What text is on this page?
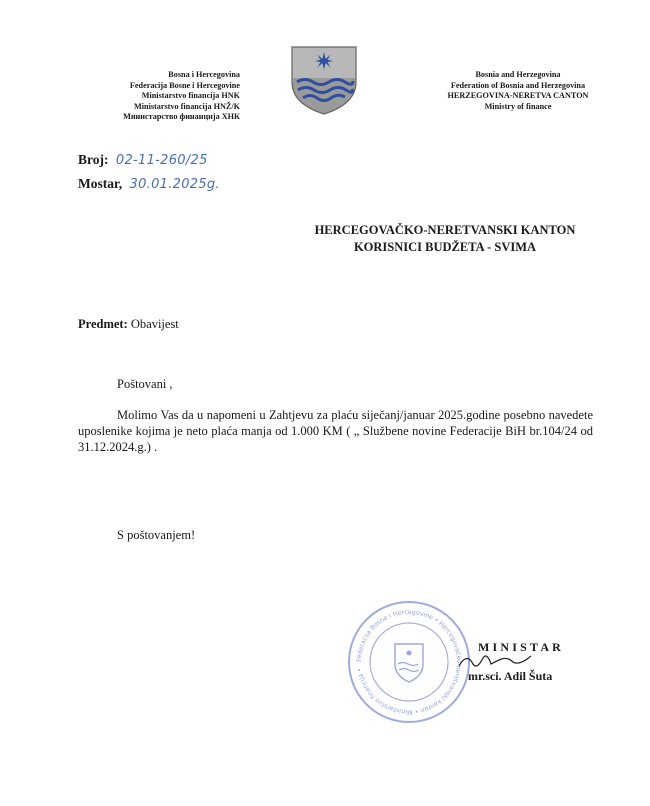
Bosna i Hercegovina
Federacija Bosne i Hercegovine
Ministarstvo financija HNK
Ministarstvo financija HNŽ/K
Министарство финанција ХНК
Bosnia and Herzegovina
Federation of Bosnia and Herzegovina
HERZEGOVINA-NERETVA CANTON
Ministry of finance
Broj: 02-11-260/25
Mostar, 30.01.2025g.
HERCEGOVAČKO-NERETVANSKI KANTON
KORISNICI BUDŽETA - SVIMA
Predmet: Obavijest
Poštovani ,
Molimo Vas da u napomeni u Zahtjevu za plaću siječanj/januar 2025.godine posebno navedete uposlenike kojima je neto plaća manja od 1.000 KM ( „ Službene novine Federacije BiH br.104/24 od 31.12.2024.g.) .
S poštovanjem!
Federacija Bosne i Hercegovine • Hercegovačko-neretvanski kanton • Ministarstvo financija •
MINISTAR
mr.sci. Adil Šuta
